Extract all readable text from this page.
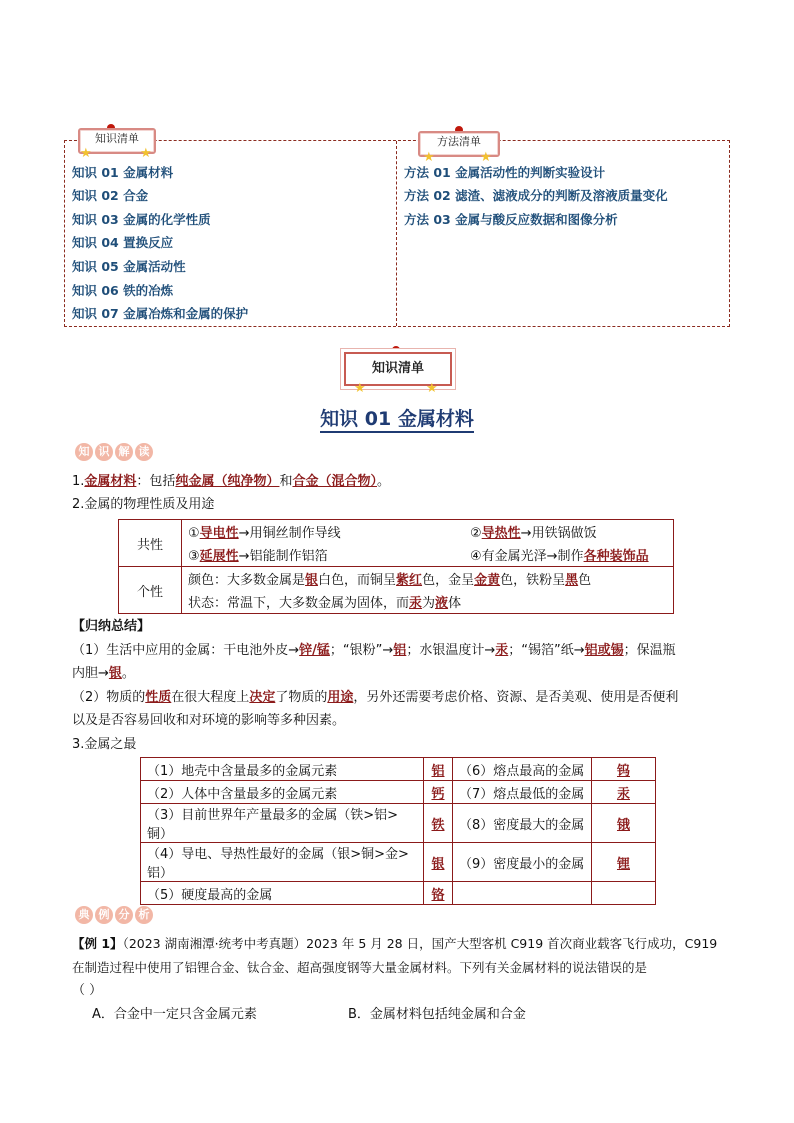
知识清单
★	★
方法清单
★	★
知识 01 金属材料
知识 02 合金
知识 03 金属的化学性质
知识 04 置换反应
知识 05 金属活动性
知识 06 铁的冶炼
知识 07 金属冶炼和金属的保护
方法 01 金属活动性的判断实验设计
方法 02 滤渣、滤液成分的判断及溶液质量变化
方法 03 金属与酸反应数据和图像分析
知识清单
★	★
知识 01 金属材料
知 识 解 读
1.金属材料：包括纯金属（纯净物）和合金（混合物）。
2.金属的物理性质及用途
共性	①导电性→用铜丝制作导线	②导热性→用铁锅做饭
	③延展性→铝能制作铝箔	④有金属光泽→制作各种装饰品
个性	颜色：大多数金属是银白色，而铜呈紫红色，金呈金黄色，铁粉呈黑色	
	状态：常温下，大多数金属为固体，而汞为液体	
【归纳总结】
（1）生活中应用的金属：干电池外皮→锌/锰；“银粉”→铝；水银温度计→汞；“锡箔”纸→铝或锡；保温瓶
内胆→银。
（2）物质的性质在很大程度上决定了物质的用途，另外还需要考虑价格、资源、是否美观、使用是否便利
以及是否容易回收和对环境的影响等多种因素。
3.金属之最
（1）地壳中含量最多的金属元素	铝	（6）熔点最高的金属	钨
（2）人体中含量最多的金属元素	钙	（7）熔点最低的金属	汞
（3）目前世界年产量最多的金属（铁>铝>铜）	铁	（8）密度最大的金属	锇
（4）导电、导热性最好的金属（银>铜>金>铝）	银	（9）密度最小的金属	锂
（5）硬度最高的金属	铬		
典 例 分 析
【例 1】（2023 湖南湘潭·统考中考真题）2023 年 5 月 28 日，国产大型客机 C919 首次商业载客飞行成功，C919
在制造过程中使用了铝锂合金、钛合金、超高强度钢等大量金属材料。下列有关金属材料的说法错误的是
（ ）
A．合金中一定只含金属元素	B．金属材料包括纯金属和合金
